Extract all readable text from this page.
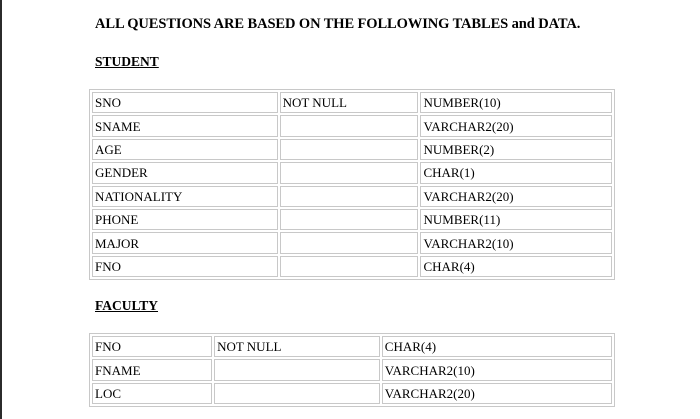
ALL QUESTIONS ARE BASED ON THE FOLLOWING TABLES and DATA.
STUDENT
SNO	NOT NULL	NUMBER(10)
SNAME		VARCHAR2(20)
AGE		NUMBER(2)
GENDER		CHAR(1)
NATIONALITY		VARCHAR2(20)
PHONE		NUMBER(11)
MAJOR		VARCHAR2(10)
FNO		CHAR(4)
FACULTY
FNO	NOT NULL	CHAR(4)
FNAME		VARCHAR2(10)
LOC		VARCHAR2(20)
